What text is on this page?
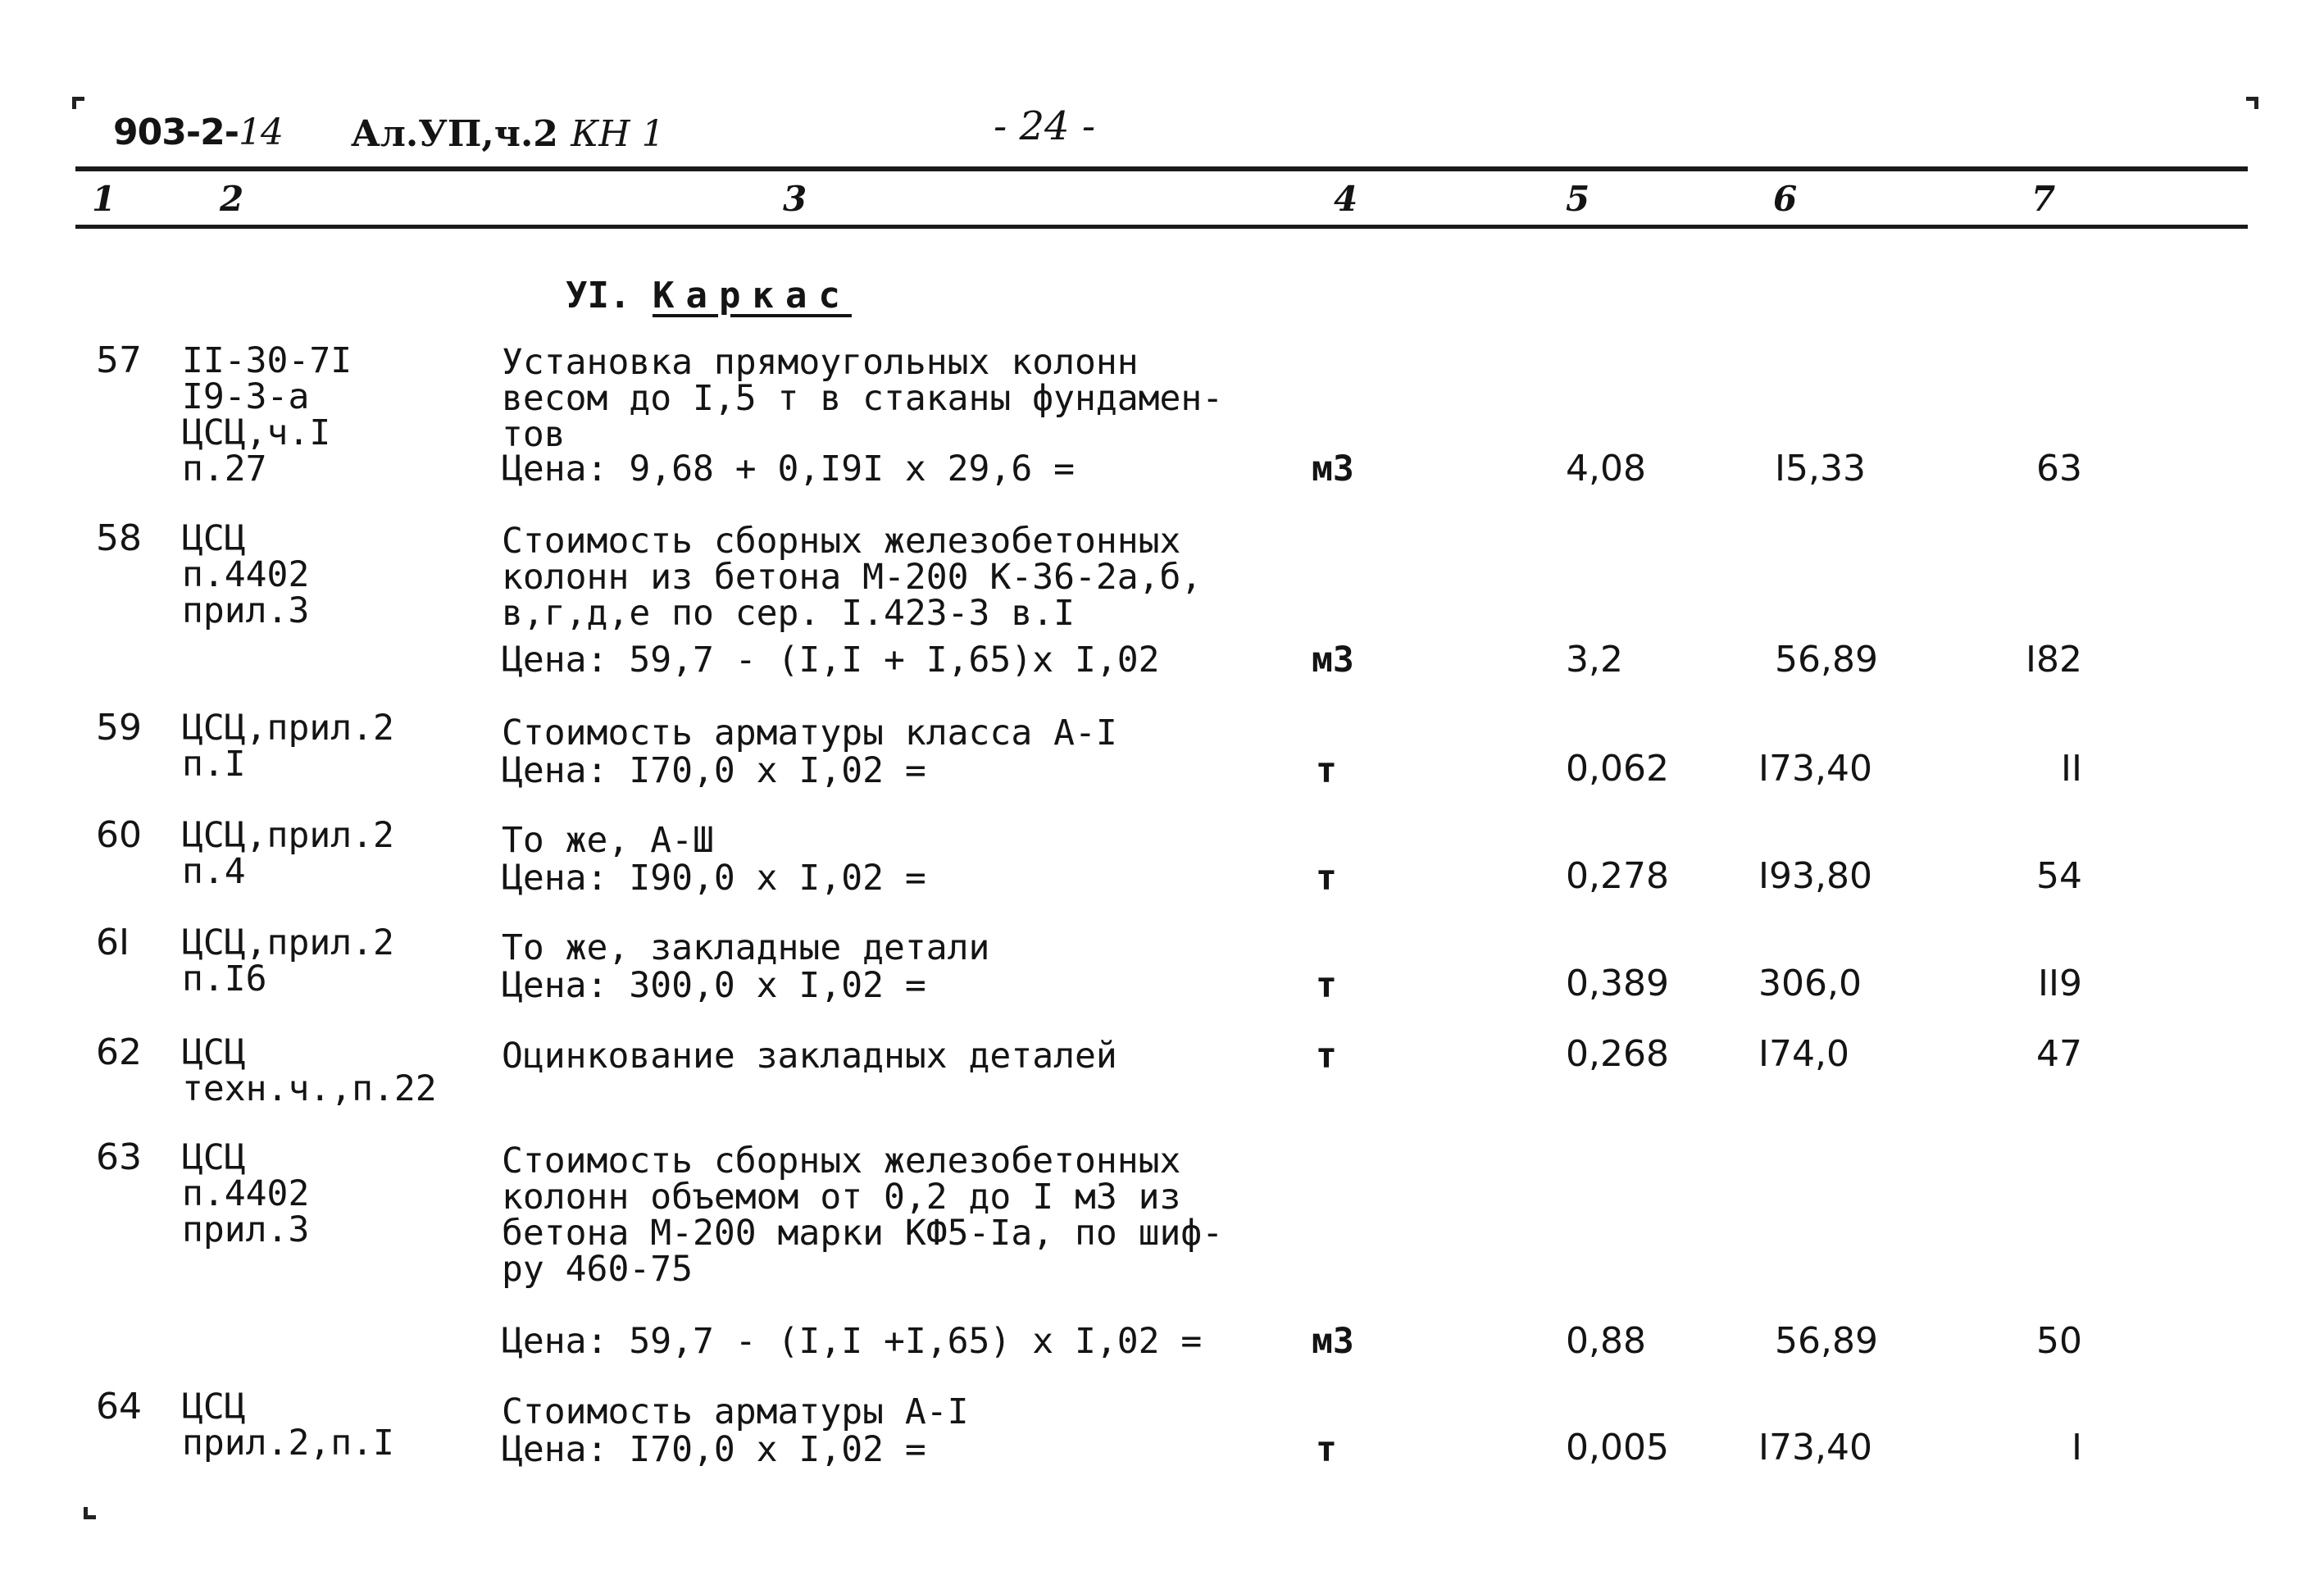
903-2-14 Ал.УП,ч.2 КН 1	- 24 -
1	2	3	4	5	6	7
УI. Каркас
57 II-30-7I
I9-3-а
ЦСЦ,ч.I
п.27
Установка прямоугольных колонн
весом до I,5 т в стаканы фундамен-
тов
Цена: 9,68 + 0,I9I х 29,6 =	м3	4,08	I5,33	63
58 ЦСЦ
п.4402
прил.3
Стоимость сборных железобетонных
колонн из бетона М-200 К-36-2а,б,
в,г,д,е по сер. I.423-3 в.I
Цена: 59,7 - (I,I + I,65)х I,02	м3	3,2	56,89	I82
59 ЦСЦ,прил.2
п.I
Стоимость арматуры класса А-I
Цена: I70,0 х I,02 =	т	0,062 I73,40	II
60 ЦСЦ,прил.2
п.4
То же, А-Ш
Цена: I90,0 х I,02 =	т	0,278 I93,80	54
6I ЦСЦ,прил.2
п.I6
То же, закладные детали
Цена: 300,0 х I,02 =	т	0,389 306,0	II9
62 ЦСЦ
техн.ч.,п.22
Оцинкование закладных деталей	т	0,268 I74,0	47
63 ЦСЦ
п.4402
прил.3
Стоимость сборных железобетонных
колонн объемом от 0,2 до I м3 из
бетона М-200 марки КФ5-Iа, по шиф-
ру 460-75
Цена: 59,7 - (I,I +I,65) х I,02 =	м3	0,88	56,89	50
64 ЦСЦ
прил.2,п.I
Стоимость арматуры А-I
Цена: I70,0 х I,02 =	т	0,005 I73,40	I
